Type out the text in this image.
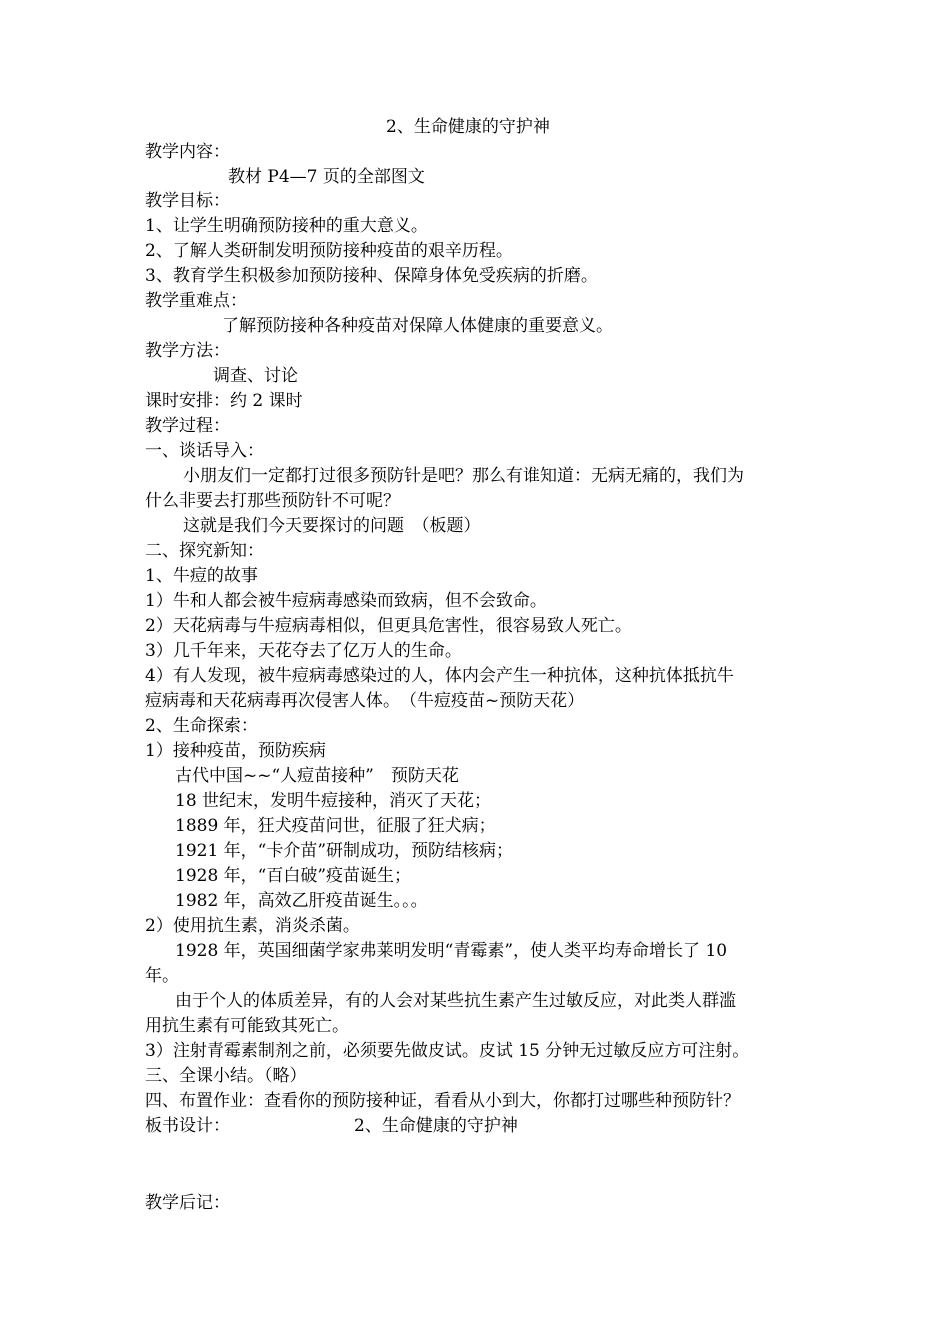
2、生命健康的守护神
教学内容：
教材 P4—7 页的全部图文
教学目标：
1、让学生明确预防接种的重大意义。
2、了解人类研制发明预防接种疫苗的艰辛历程。
3、教育学生积极参加预防接种、保障身体免受疾病的折磨。
教学重难点：
了解预防接种各种疫苗对保障人体健康的重要意义。
教学方法：
调查、讨论
课时安排：约 2 课时
教学过程：
一、谈话导入：
小朋友们一定都打过很多预防针是吧？那么有谁知道：无病无痛的，我们为
什么非要去打那些预防针不可呢？
这就是我们今天要探讨的问题　（板题）
二、探究新知：
1、牛痘的故事
1）牛和人都会被牛痘病毒感染而致病，但不会致命。
2）天花病毒与牛痘病毒相似，但更具危害性，很容易致人死亡。
3）几千年来，天花夺去了亿万人的生命。
4）有人发现，被牛痘病毒感染过的人，体内会产生一种抗体，这种抗体抵抗牛
痘病毒和天花病毒再次侵害人体。　（牛痘疫苗~预防天花）
2、生命探索：
1）接种疫苗，预防疾病
古代中国~~“人痘苗接种”　预防天花
18 世纪末，发明牛痘接种，消灭了天花；
1889 年，狂犬疫苗问世，征服了狂犬病；
1921 年，“卡介苗”研制成功，预防结核病；
1928 年，“百白破”疫苗诞生；
1982 年，高效乙肝疫苗诞生。。。
2）使用抗生素，消炎杀菌。
1928 年，英国细菌学家弗莱明发明“青霉素”，使人类平均寿命增长了 10
年。
由于个人的体质差异，有的人会对某些抗生素产生过敏反应，对此类人群滥
用抗生素有可能致其死亡。
3）注射青霉素制剂之前，必须要先做皮试。皮试 15 分钟无过敏反应方可注射。
三、全课小结。（略）
四、布置作业：查看你的预防接种证，看看从小到大，你都打过哪些种预防针？
板书设计：	2、生命健康的守护神
教学后记：
